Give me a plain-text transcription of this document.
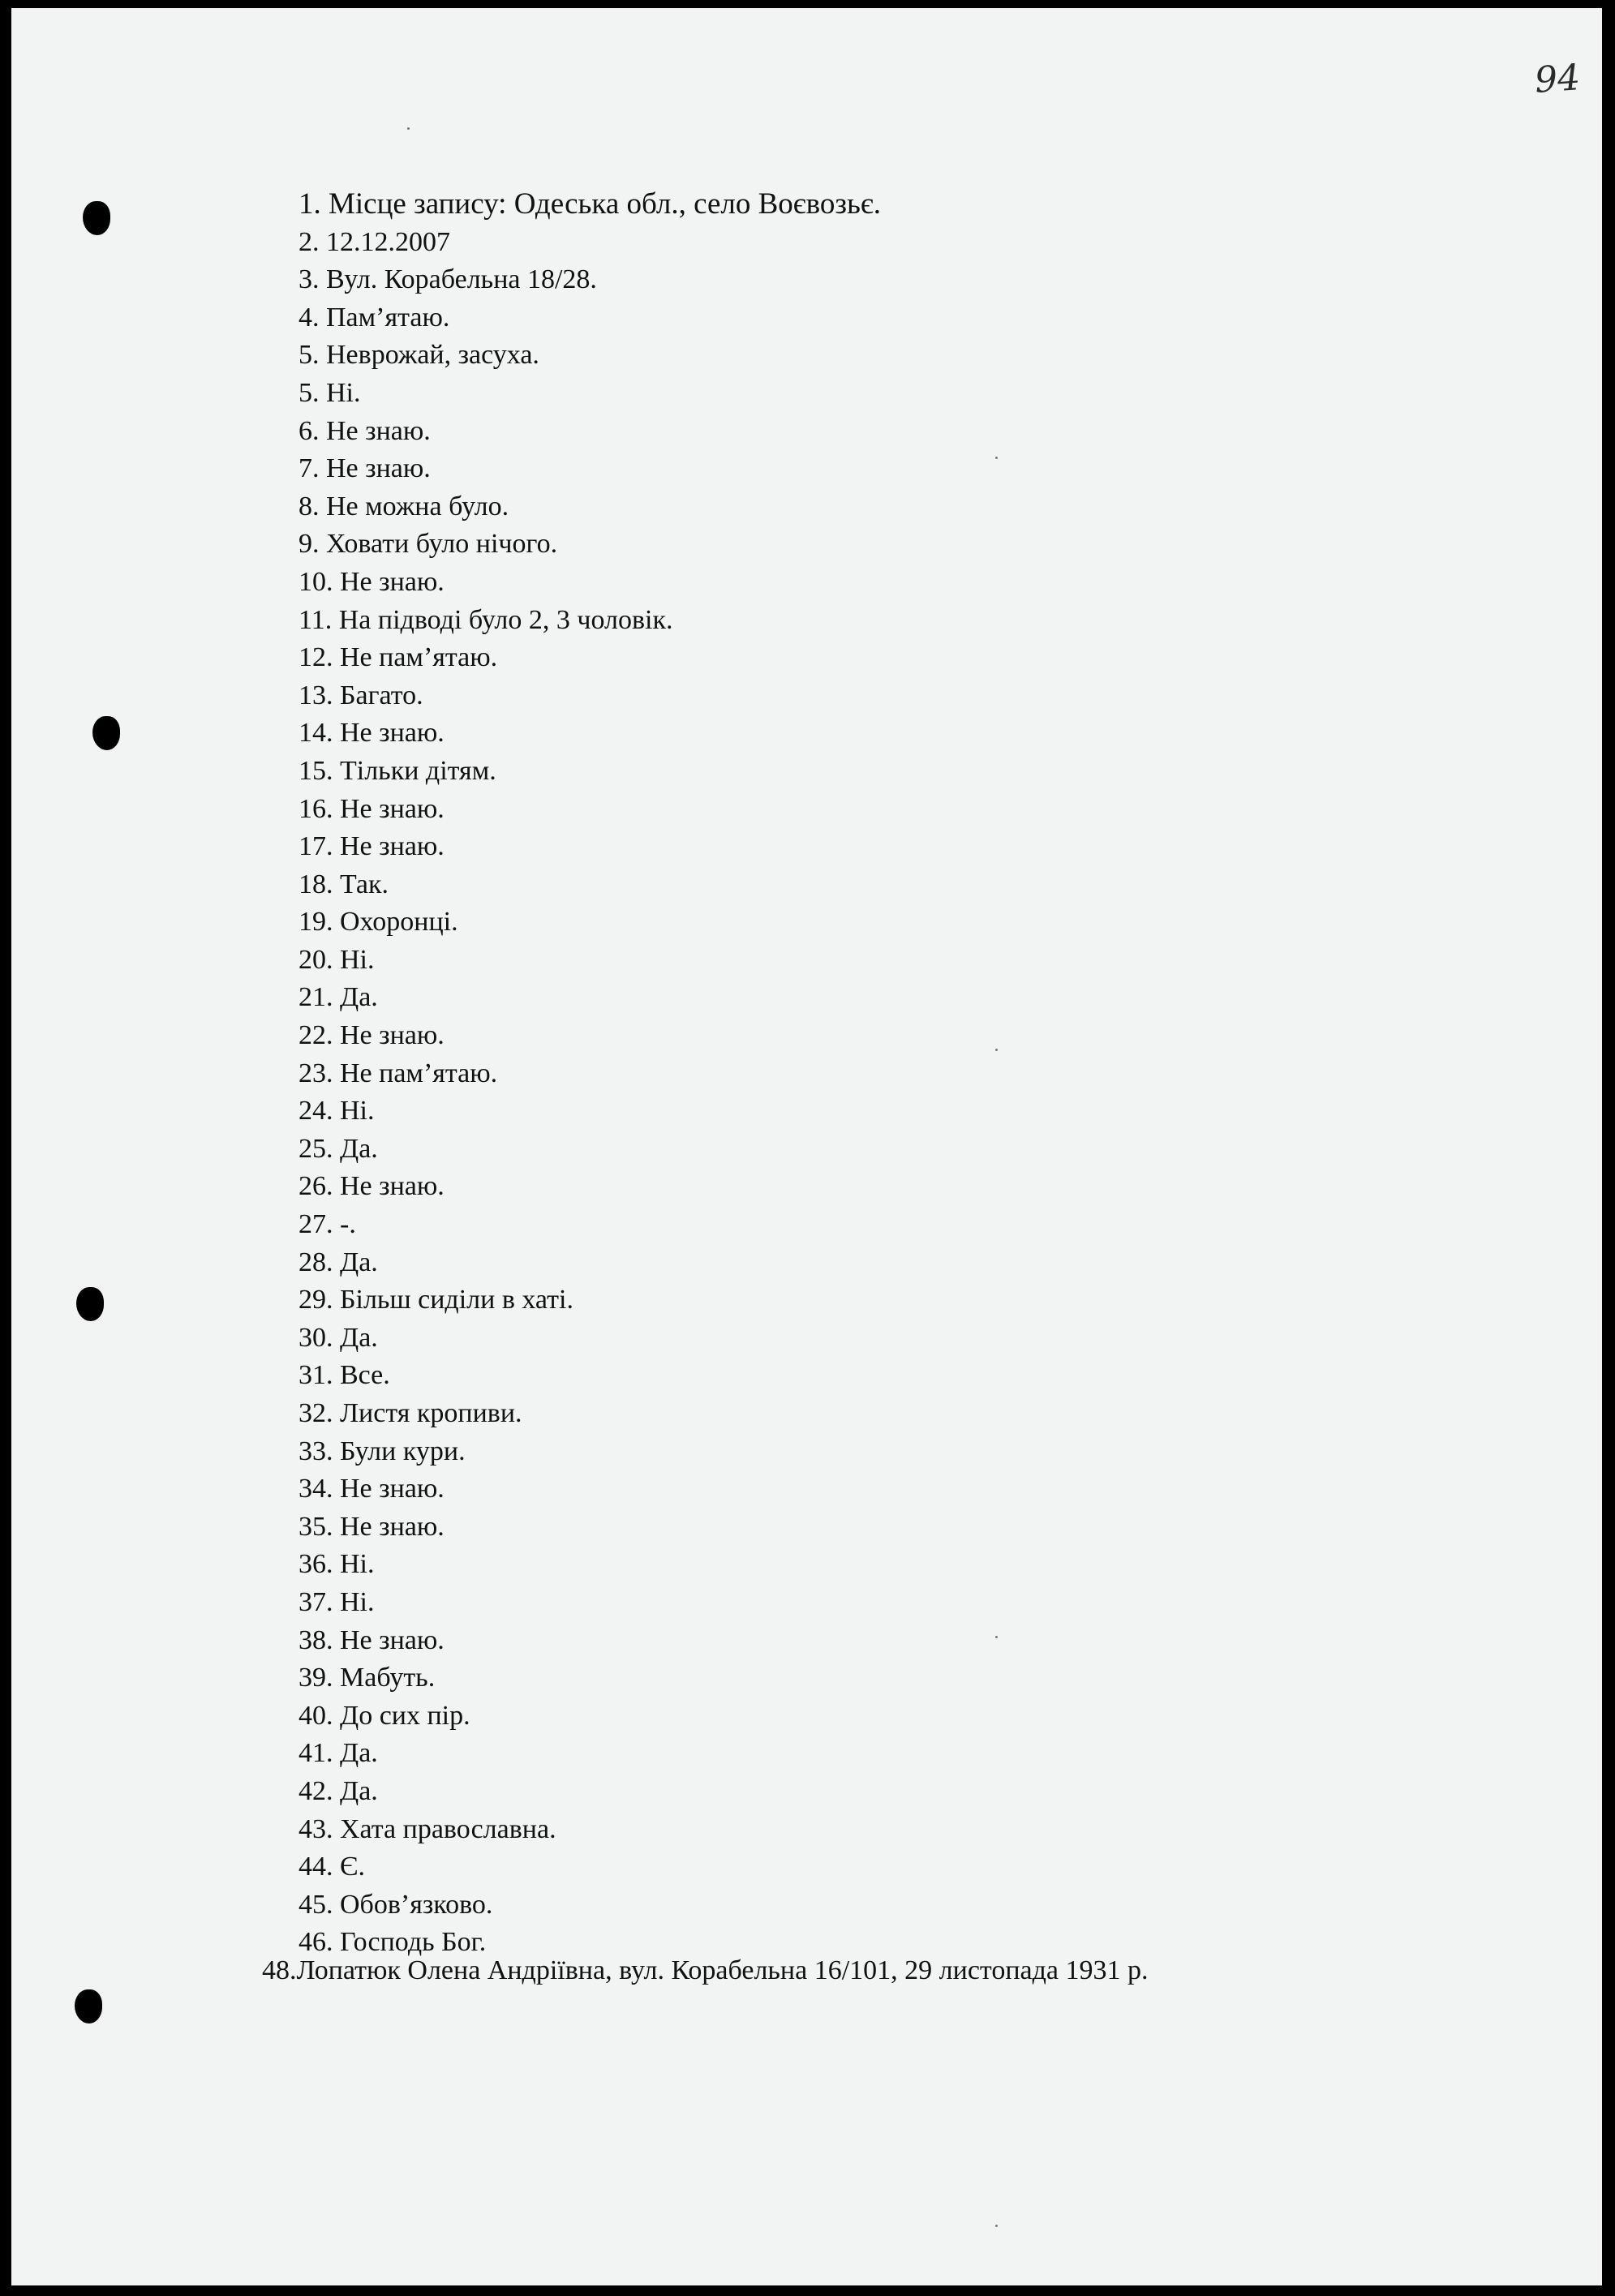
94
1. Місце запису: Одеська обл., село Воєвозьє.
2. 12.12.2007
3. Вул. Корабельна 18/28.
4. Пам’ятаю.
5. Неврожай, засуха.
5. Ні.
6. Не знаю.
7. Не знаю.
8. Не можна було.
9. Ховати було нічого.
10. Не знаю.
11. На підводі було 2, 3 чоловік.
12. Не пам’ятаю.
13. Багато.
14. Не знаю.
15. Тільки дітям.
16. Не знаю.
17. Не знаю.
18. Так.
19. Охоронці.
20. Ні.
21. Да.
22. Не знаю.
23. Не пам’ятаю.
24. Ні.
25. Да.
26. Не знаю.
27. -.
28. Да.
29. Більш сиділи в хаті.
30. Да.
31. Все.
32. Листя кропиви.
33. Були кури.
34. Не знаю.
35. Не знаю.
36. Ні.
37. Ні.
38. Не знаю.
39. Мабуть.
40. До сих пір.
41. Да.
42. Да.
43. Хата православна.
44. Є.
45. Обов’язково.
46. Господь Бог.
48.Лопатюк Олена Андріївна, вул. Корабельна 16/101, 29 листопада 1931 р.
